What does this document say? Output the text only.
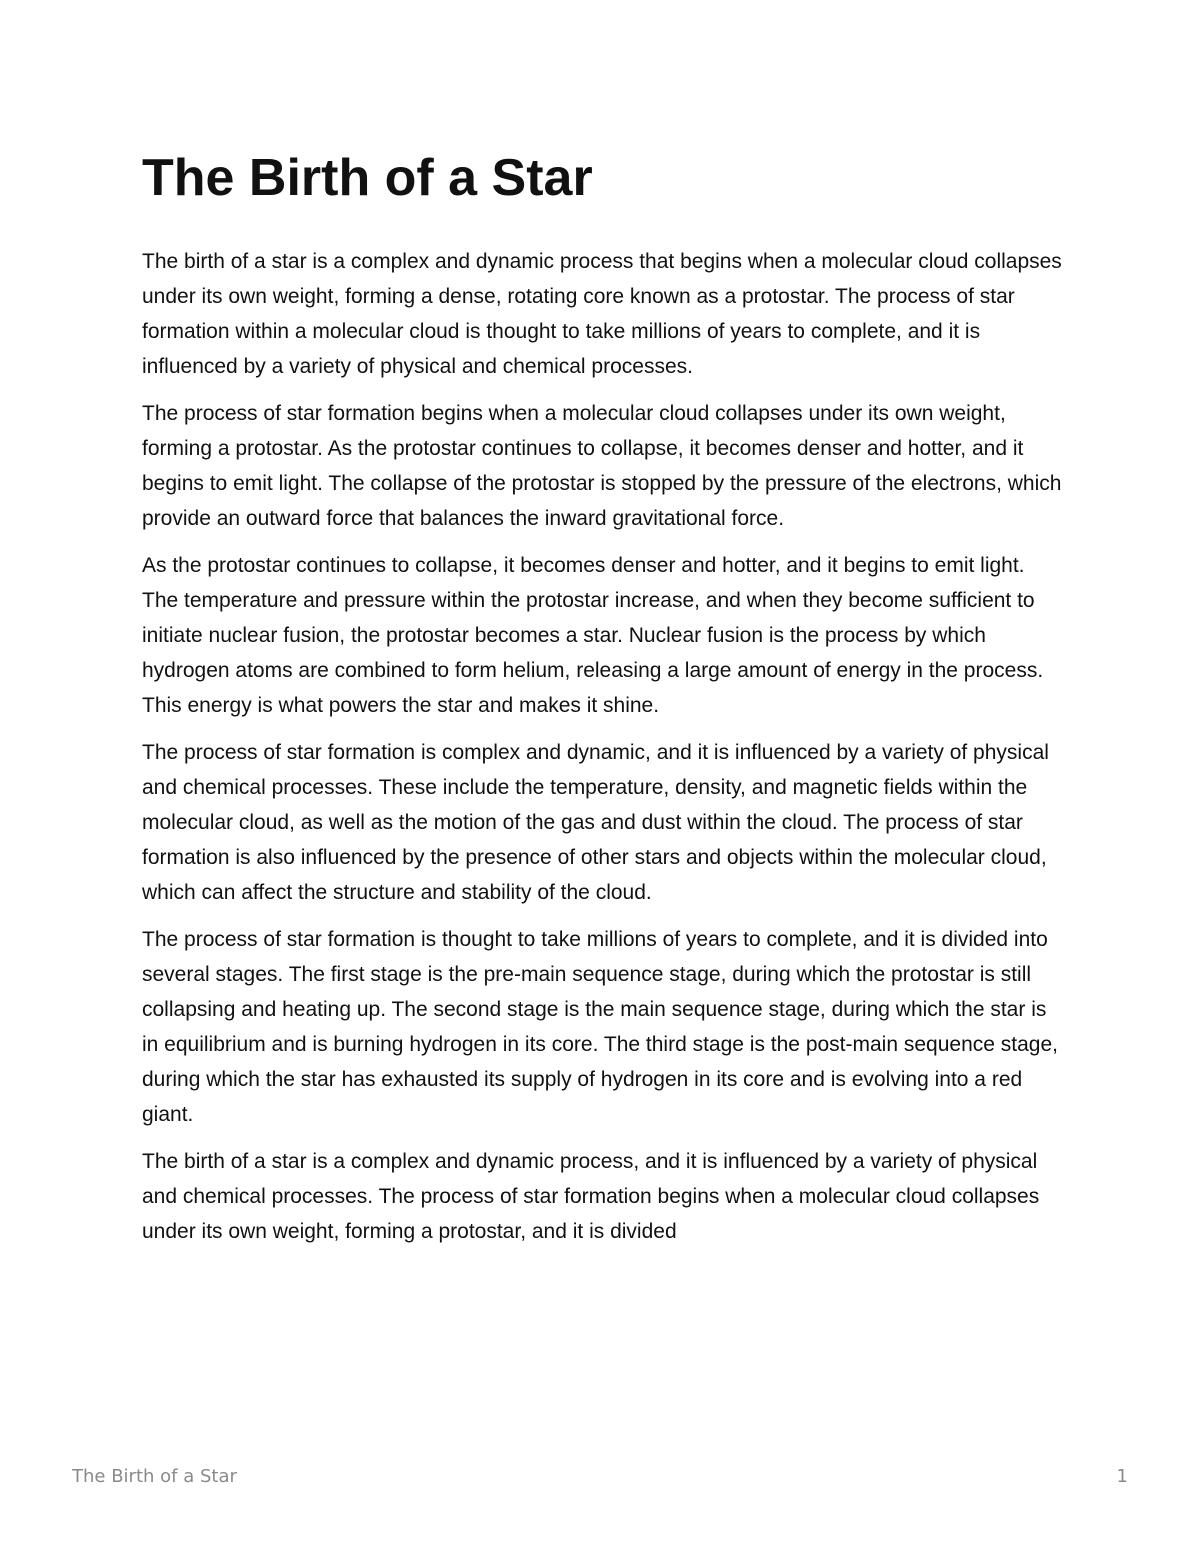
The Birth of a Star

The birth of a star is a complex and dynamic process that begins when a molecular cloud collapses under its own weight, forming a dense, rotating core known as a protostar. The process of star formation within a molecular cloud is thought to take millions of years to complete, and it is influenced by a variety of physical and chemical processes.

The process of star formation begins when a molecular cloud collapses under its own weight, forming a protostar. As the protostar continues to collapse, it becomes denser and hotter, and it begins to emit light. The collapse of the protostar is stopped by the pressure of the electrons, which provide an outward force that balances the inward gravitational force.

As the protostar continues to collapse, it becomes denser and hotter, and it begins to emit light. The temperature and pressure within the protostar increase, and when they become sufficient to initiate nuclear fusion, the protostar becomes a star. Nuclear fusion is the process by which hydrogen atoms are combined to form helium, releasing a large amount of energy in the process. This energy is what powers the star and makes it shine.

The process of star formation is complex and dynamic, and it is influenced by a variety of physical and chemical processes. These include the temperature, density, and magnetic fields within the molecular cloud, as well as the motion of the gas and dust within the cloud. The process of star formation is also influenced by the presence of other stars and objects within the molecular cloud, which can affect the structure and stability of the cloud.

The process of star formation is thought to take millions of years to complete, and it is divided into several stages. The first stage is the pre-main sequence stage, during which the protostar is still collapsing and heating up. The second stage is the main sequence stage, during which the star is in equilibrium and is burning hydrogen in its core. The third stage is the post-main sequence stage, during which the star has exhausted its supply of hydrogen in its core and is evolving into a red giant.

The birth of a star is a complex and dynamic process, and it is influenced by a variety of physical and chemical processes. The process of star formation begins when a molecular cloud collapses under its own weight, forming a protostar, and it is divided

The Birth of a Star	1
